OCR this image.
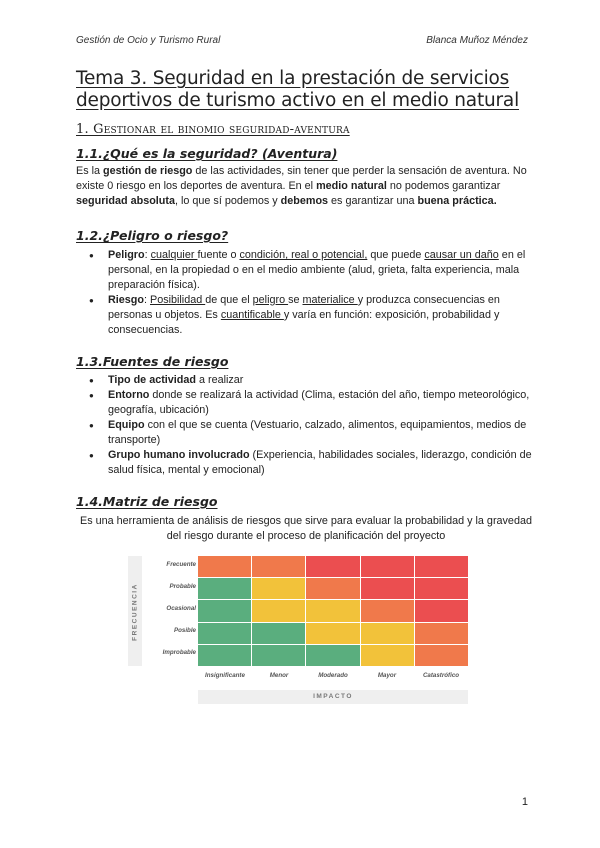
Gestión de Ocio y Turismo Rural	Blanca Muñoz Méndez
Tema 3. Seguridad en la prestación de servicios deportivos de turismo activo en el medio natural
1. Gestionar el binomio seguridad-aventura
1.1.¿Qué es la seguridad? (Aventura)
Es la gestión de riesgo de las actividades, sin tener que perder la sensación de aventura. No existe 0 riesgo en los deportes de aventura. En el medio natural no podemos garantizar seguridad absoluta, lo que sí podemos y debemos es garantizar una buena práctica.
1.2.¿Peligro o riesgo?
● Peligro: cualquier fuente o condición, real o potencial, que puede causar un daño en el personal, en la propiedad o en el medio ambiente (alud, grieta, falta experiencia, mala preparación física).
● Riesgo: Posibilidad de que el peligro se materialice y produzca consecuencias en personas u objetos. Es cuantificable y varía en función: exposición, probabilidad y consecuencias.
1.3.Fuentes de riesgo
● Tipo de actividad a realizar
● Entorno donde se realizará la actividad (Clima, estación del año, tiempo meteorológico, geografía, ubicación)
● Equipo con el que se cuenta (Vestuario, calzado, alimentos, equipamientos, medios de transporte)
● Grupo humano involucrado (Experiencia, habilidades sociales, liderazgo, condición de salud física, mental y emocional)
1.4.Matriz de riesgo
Es una herramienta de análisis de riesgos que sirve para evaluar la probabilidad y la gravedad del riesgo durante el proceso de planificación del proyecto
FRECUENCIA
Frecuente
Probable
Ocasional
Posible
Improbable
Insignificante	Menor	Moderado	Mayor	Catastrófico
IMPACTO
1
